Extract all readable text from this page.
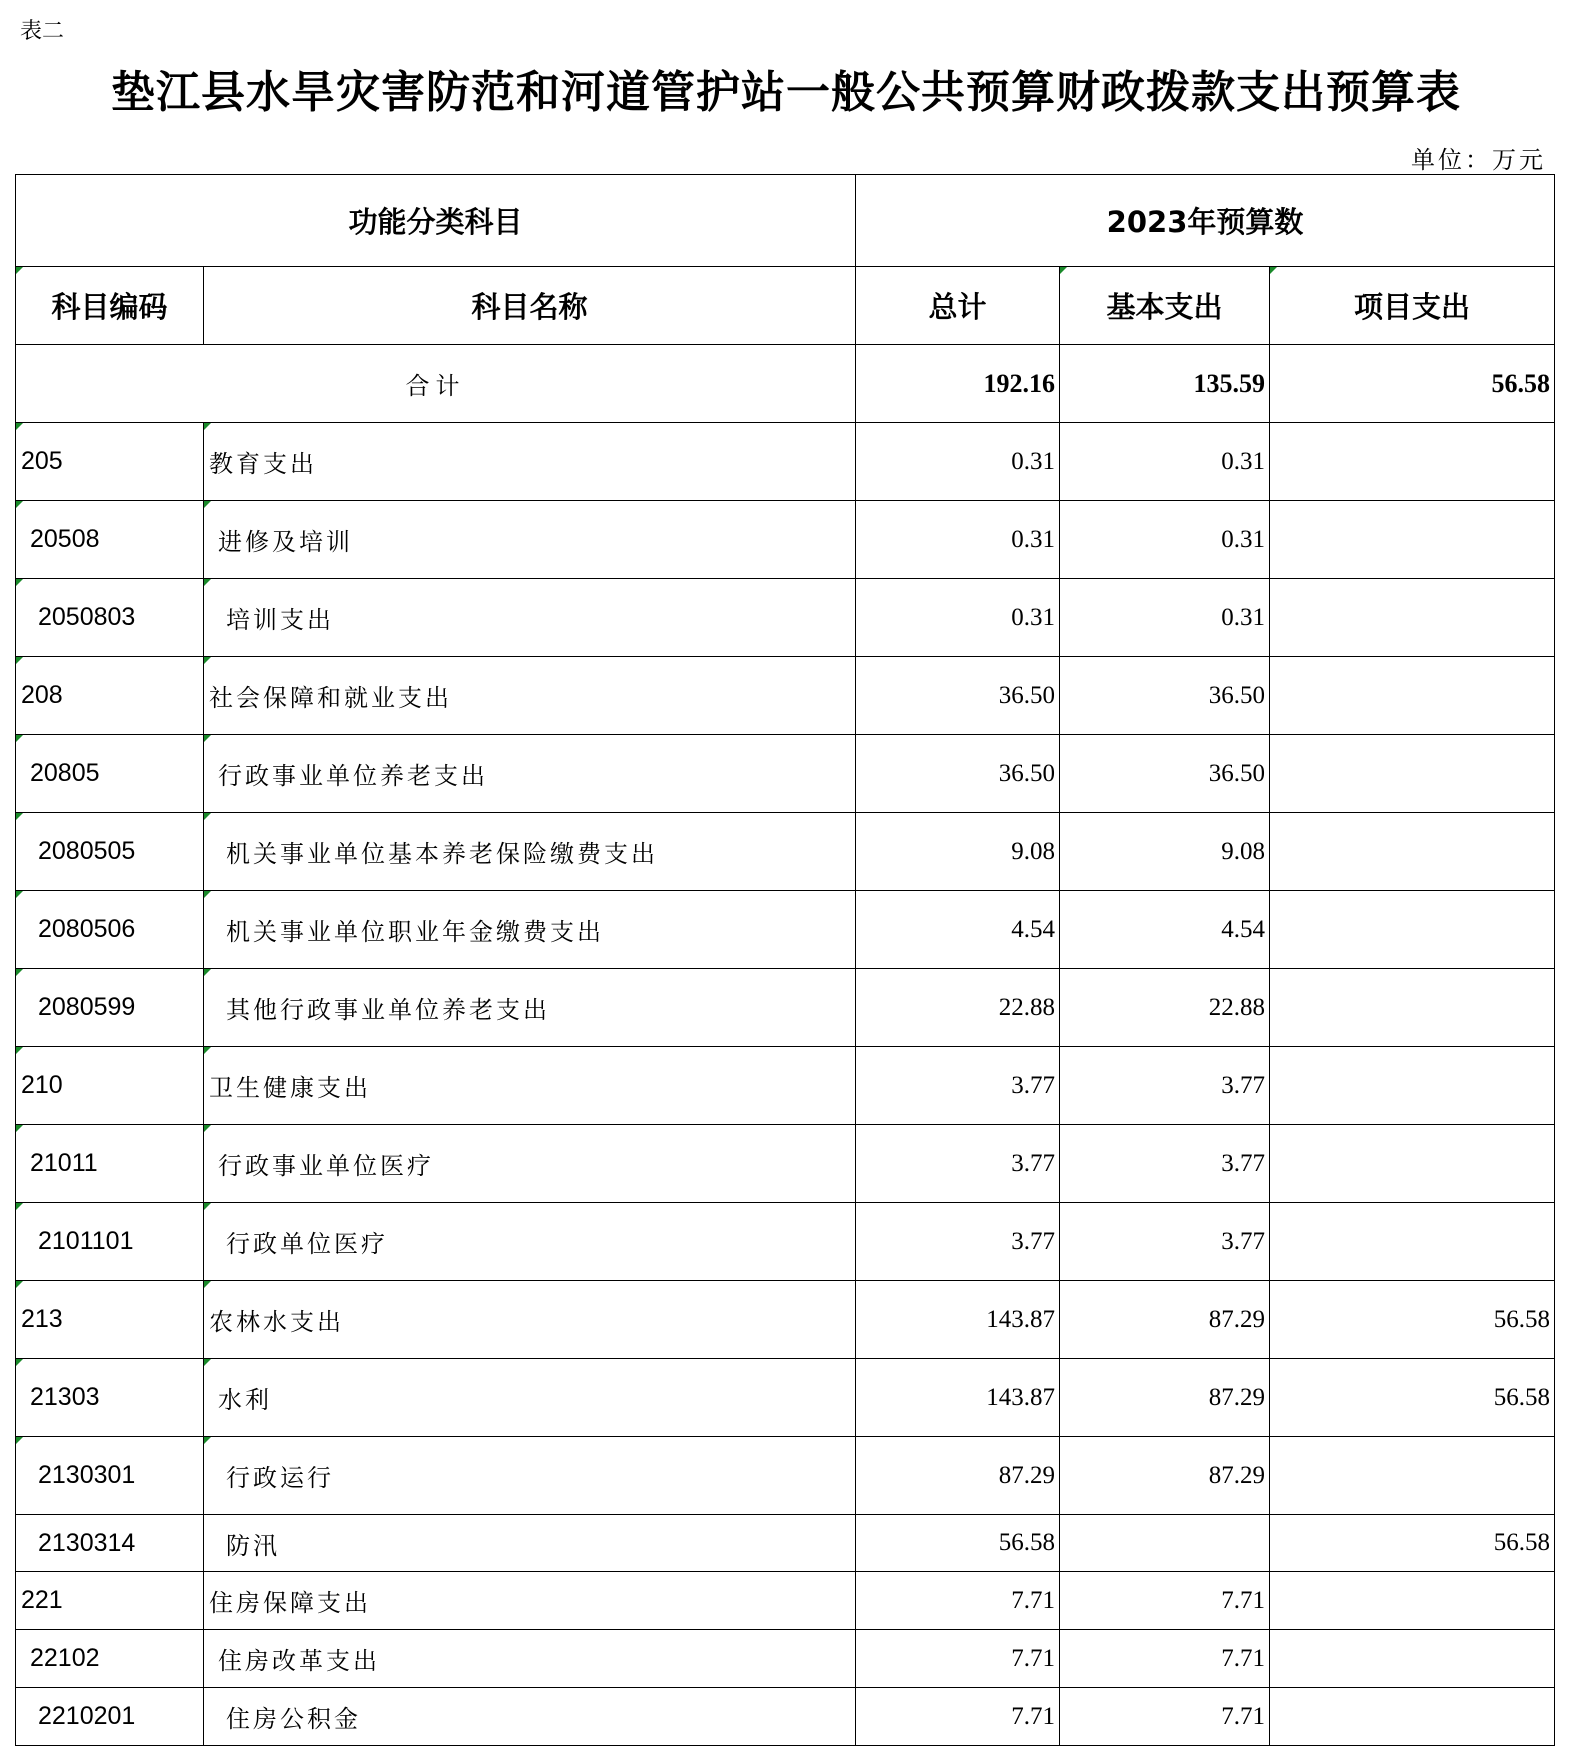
表二
垫江县水旱灾害防范和河道管护站一般公共预算财政拨款支出预算表
单位：万元
功能分类科目		2023年预算数		
科目编码	科目名称	总计	基本支出	项目支出
合计		192.16	135.59	56.58
205	教育支出	0.31	0.31	
20508	进修及培训	0.31	0.31	
2050803	培训支出	0.31	0.31	
208	社会保障和就业支出	36.50	36.50	
20805	行政事业单位养老支出	36.50	36.50	
2080505	机关事业单位基本养老保险缴费支出	9.08	9.08	
2080506	机关事业单位职业年金缴费支出	4.54	4.54	
2080599	其他行政事业单位养老支出	22.88	22.88	
210	卫生健康支出	3.77	3.77	
21011	行政事业单位医疗	3.77	3.77	
2101101	行政单位医疗	3.77	3.77	
213	农林水支出	143.87	87.29	56.58
21303	水利	143.87	87.29	56.58
2130301	行政运行	87.29	87.29	
2130314	防汛	56.58		56.58
221	住房保障支出	7.71	7.71	
22102	住房改革支出	7.71	7.71	
2210201	住房公积金	7.71	7.71	
